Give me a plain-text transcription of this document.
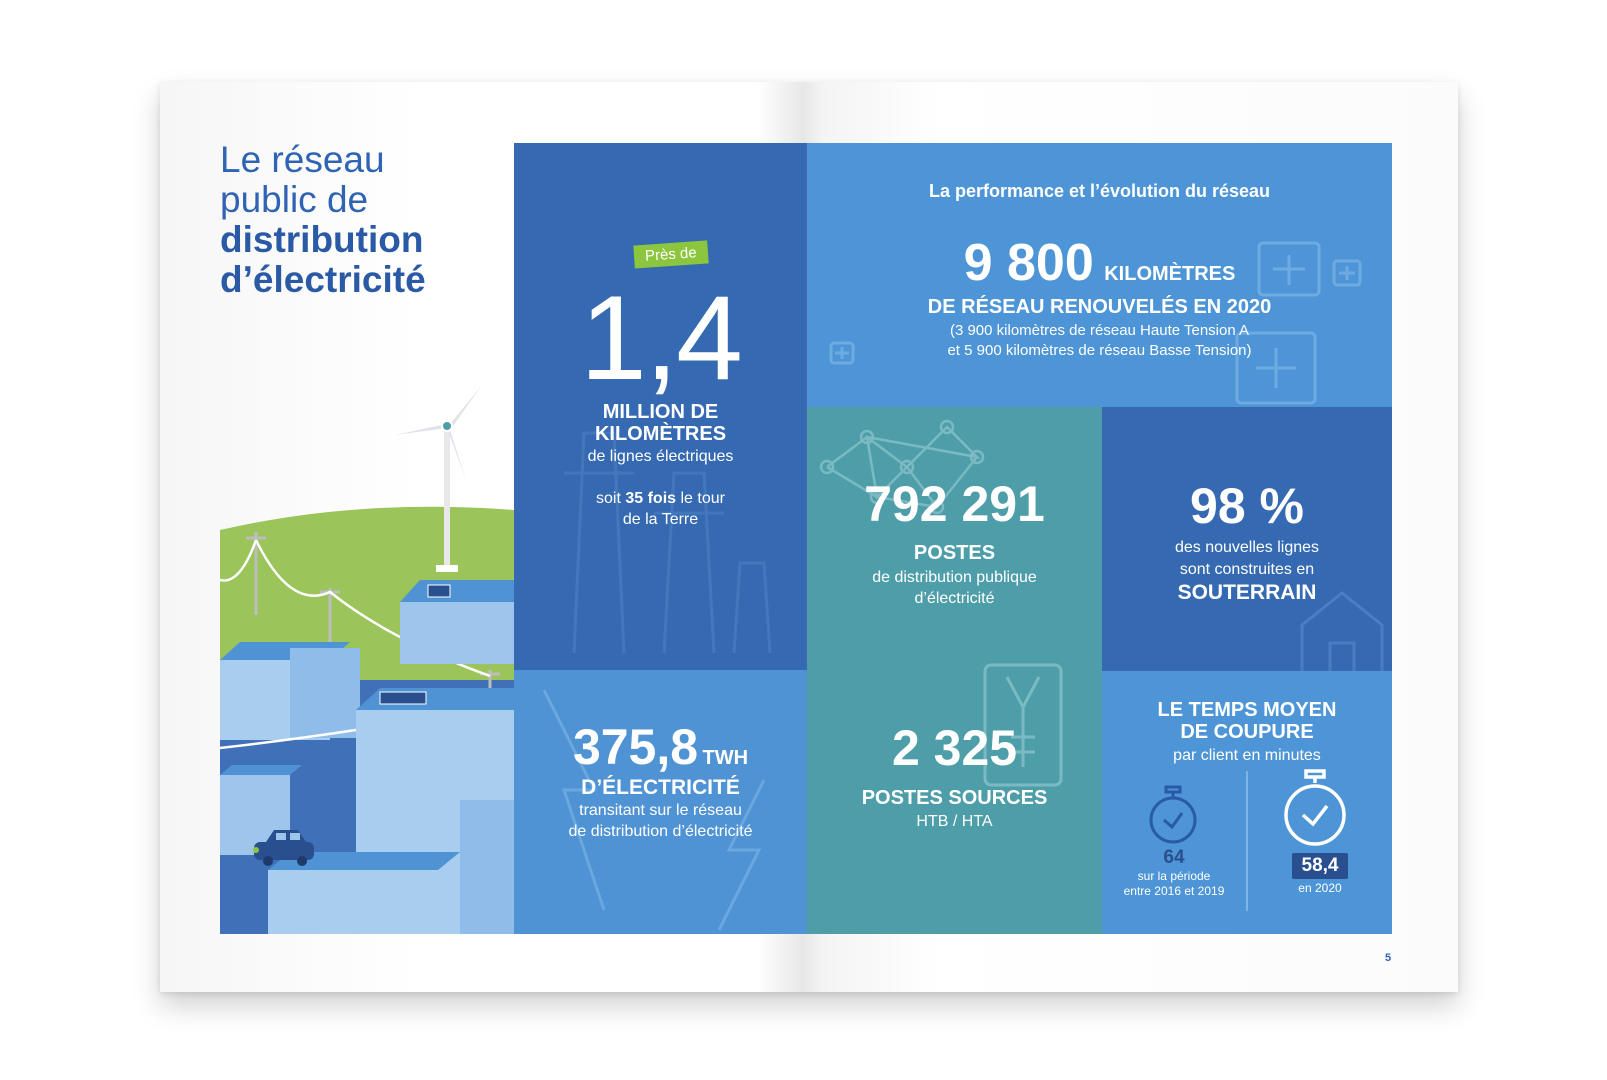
Le réseau
public de
distribution
d’électricité
Près de
1,4
MILLION DE
KILOMÈTRES
de lignes électriques
soit 35 fois le tour
de la Terre
La performance et l’évolution du réseau
9 800 KILOMÈTRES
DE RÉSEAU RENOUVELÉS EN 2020
(3 900 kilomètres de réseau Haute Tension A
et 5 900 kilomètres de réseau Basse Tension)
375,8 TWH
D’ÉLECTRICITÉ
transitant sur le réseau
de distribution d’électricité
792 291
POSTES
de distribution publique
d’électricité
2 325
POSTES SOURCES
HTB / HTA
98 %
des nouvelles lignes
sont construites en
SOUTERRAIN
LE TEMPS MOYEN
DE COUPURE
par client en minutes
64
sur la période
entre 2016 et 2019
58,4
en 2020
5
